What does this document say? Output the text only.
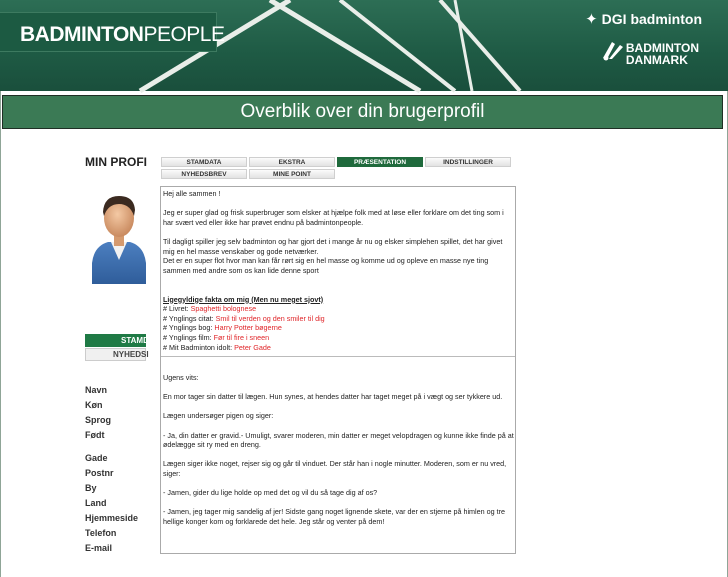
BADMINTONPEOPLE
✦ DGI badminton
BADMINTON
DANMARK
Overblik over din brugerprofil
MIN PROFI
STAMD
NYHEDSI
Navn
Køn
Sprog
Født
Gade
Postnr
By
Land
Hjemmeside
Telefon
E-mail
STAMDATA	EKSTRA	PRÆSENTATION	INDSTILLINGER
NYHEDSBREV	MINE POINT

Hej alle sammen !

Jeg er super glad og frisk superbruger som elsker at hjælpe folk med at løse eller forklare om det ting som i har svært ved eller ikke har prøvet endnu på badmintonpeople.

Til dagligt spiller jeg selv badminton og har gjort det i mange år nu og elsker simplehen spillet, det har givet mig en hel masse venskaber og gode netværker.

Det er en super flot hvor man kan får rørt sig en hel masse og komme ud og opleve en masse nye ting sammen med andre som os kan lide denne sport

Ligegyldige fakta om mig (Men nu meget sjovt)

# Livret: Spaghetti bolognese
# Ynglings citat: Smil til verden og den smiler til dig
# Ynglings bog: Harry Potter bøgerne
# Ynglings film: Før til fire i sneen
# Mit Badminton idolt: Peter Gade

Ugens vits:

En mor tager sin datter til lægen. Hun synes, at hendes datter har taget meget på i vægt og ser tykkere ud.

Lægen undersøger pigen og siger:

- Ja, din datter er gravid.- Umuligt, svarer moderen, min datter er meget velopdragen og kunne ikke finde på at ødelægge sit ry med en dreng.

Lægen siger ikke noget, rejser sig og går til vinduet. Der står han i nogle minutter. Moderen, som er nu vred, siger:

- Jamen, gider du lige holde op med det og vil du så tage dig af os?

- Jamen, jeg tager mig sandelig af jer! Sidste gang noget lignende skete, var der en stjerne på himlen og tre hellige konger kom og forklarede det hele. Jeg står og venter på dem!
